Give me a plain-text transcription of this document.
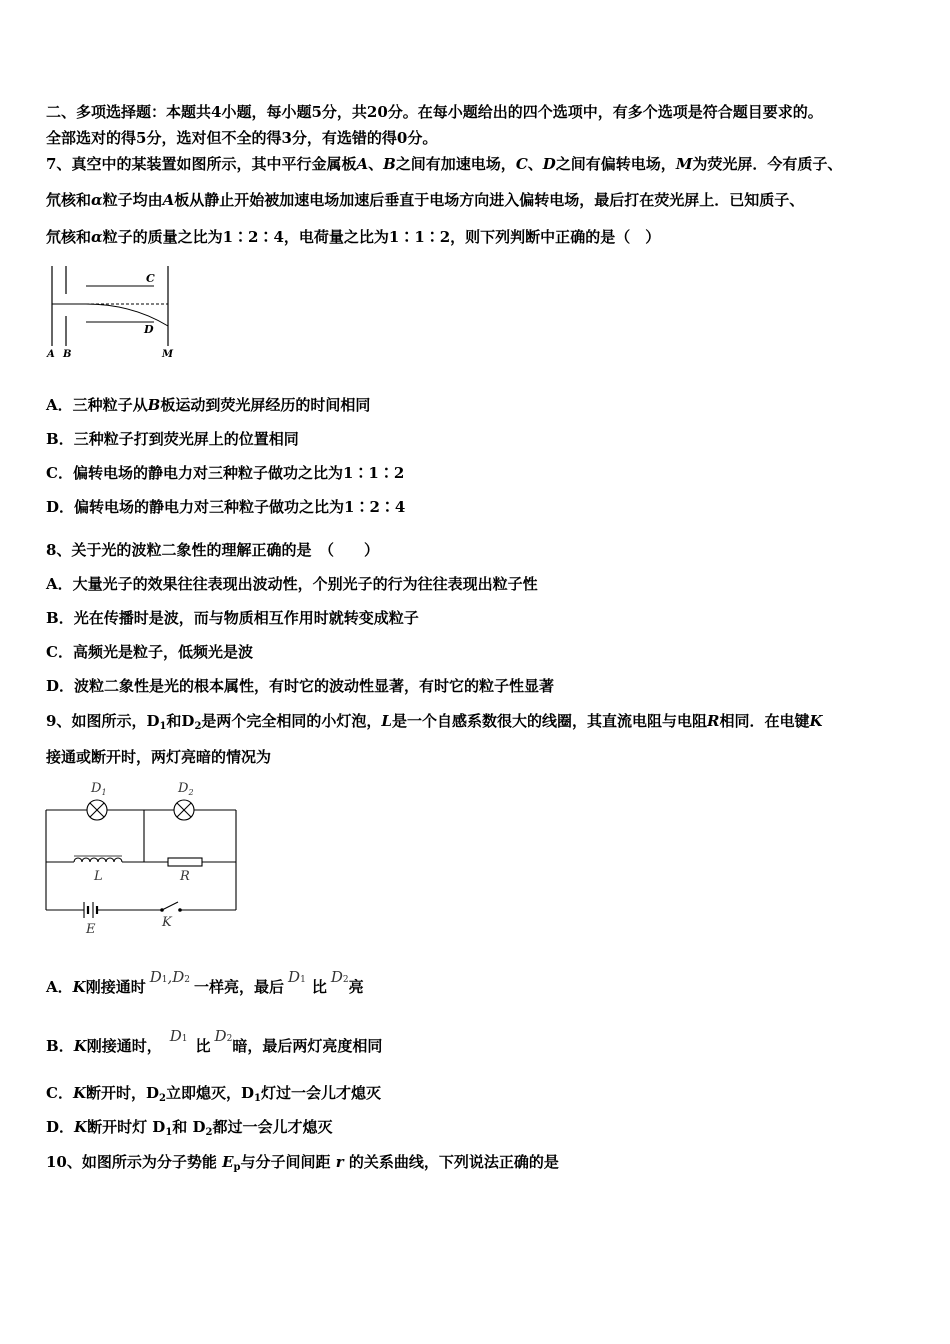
二、多项选择题：本题共4小题，每小题5分，共20分。在每小题给出的四个选项中，有多个选项是符合题目要求的。
全部选对的得5分，选对但不全的得3分，有选错的得0分。
7、真空中的某装置如图所示，其中平行金属板A、B之间有加速电场，C、D之间有偏转电场，M为荧光屏．今有质子、
氘核和α粒子均由A板从静止开始被加速电场加速后垂直于电场方向进入偏转电场，最后打在荧光屏上．已知质子、
氘核和α粒子的质量之比为1∶2∶4，电荷量之比为1∶1∶2，则下列判断中正确的是（　）
C
D
A B	M
A．三种粒子从B板运动到荧光屏经历的时间相同
B．三种粒子打到荧光屏上的位置相同
C．偏转电场的静电力对三种粒子做功之比为1∶1∶2
D．偏转电场的静电力对三种粒子做功之比为1∶2∶4
8、关于光的波粒二象性的理解正确的是　（　　）
A．大量光子的效果往往表现出波动性，个别光子的行为往往表现出粒子性
B．光在传播时是波，而与物质相互作用时就转变成粒子
C．高频光是粒子，低频光是波
D．波粒二象性是光的根本属性，有时它的波动性显著，有时它的粒子性显著
9、如图所示，$D_1$和$D_2$是两个完全相同的小灯泡，L是一个自感系数很大的线圈，其直流电阻与电阻R相同．在电键K
接通或断开时，两灯亮暗的情况为
$D_1$	$D_2$
L	R
E	K
A．K刚接通时D1,D2 一样亮，最后D1 比D2亮
B．K刚接通时，D1 比D2暗，最后两灯亮度相同
C．K断开时，$D_2$立即熄灭，$D_1$灯过一会儿才熄灭
D．K断开时灯 $D_1$和 $D_2$都过一会儿才熄灭
10、如图所示为分子势能 $E_p$与分子间间距 r 的关系曲线，下列说法正确的是
